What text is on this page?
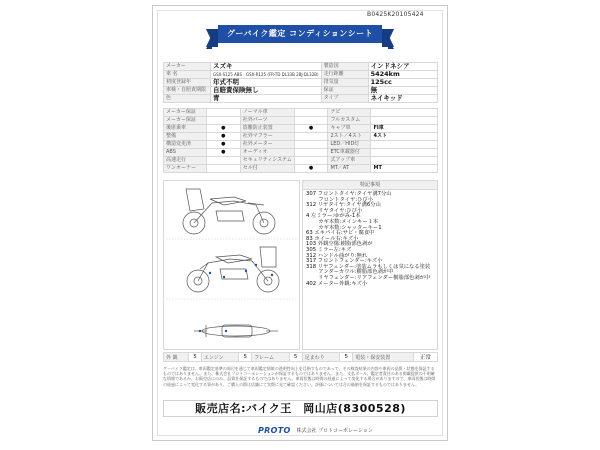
B0425K20105424
グーバイク鑑定 コンディションシート
メーカー	スズキ	製造国	インドネシア
車 名	GSX-S125 ABS　GSX-R125 (FR-TD DL33B 2BJ-DL32B)	走行距離	5424km
初度登録年	年式不明	排気量	125cc
車検・自賠責期限	自賠責保険無し	保証	無
色	青	タイプ	ネイキッド
メーカー保証		ノーマル車		ナビ	
メーカー保証		社外パーツ		フルカスタム	
後席乗車	●	盗難防止装置	●	キャブ車	FI車
整備	●	社外マフラー		2スト／4スト	4スト
構造変更済	●	社外メーター		LED／HID灯	
ABS	●	オーディオ		ETC車載器付	
高速走行		セキュリティシステム		式アップ車	
ワンオーナー		セル付	●	MT／AT	MT
特記事項
307 フロントタイヤ:タイヤ溝7分山
　　 フロントタイヤ:ひび小
312 リヤタイヤ:タイヤ溝6分山
　　 リヤタイヤ:ひび小
4 左ミラー:ゆがみ-1本
　　 カギ本数:メインキー１本
　　 カギ本数:シャッターキー1
63 エキパイ右:サビ・腐食中
83 ホイール右:キズ小
103 外観空傷:樹脂部色剥が
305 ミラー左:キズ
312 ハンドル曲がり:無れ
317 フロントフェンダー:キズ小
318 リヤフェンダー:塗装ムラもしくは気になる塗装
　　 アンダーカウル:樹脂部色剥が中
　　 リヤフェンダー:リアフェンダー樹脂部色剥が中
402 メーター外観:キズ小
外 観	5	エンジン	5	フレーム	5	足まわり	5	電装・保安装置	正常
グーバイク鑑定は、車両鑑定基準の周辺を通じて車両鑑定情報の透明性向上を目指すものであって、その検査結果の内容や車両の品質・状態を保証するものではありません。また、株式会社プロトコーポレーションが保証するものではありません。また、支払ボール、鑑定者責任のある掲載提供の不明確な情報であるか、お販売店にのみ、品質を保証するものではありません。車両状態は時間の経過によって変化する場合がありますので、車両状態は時間の経過によって変化する事があり、ご購入の際は店舗にて実際に見て確認ください。評価については合の価値を保証するものではありません。
販売店名:バイク王　岡山店(8300528)
PROTO 株式会社 プロトコーポレーション
